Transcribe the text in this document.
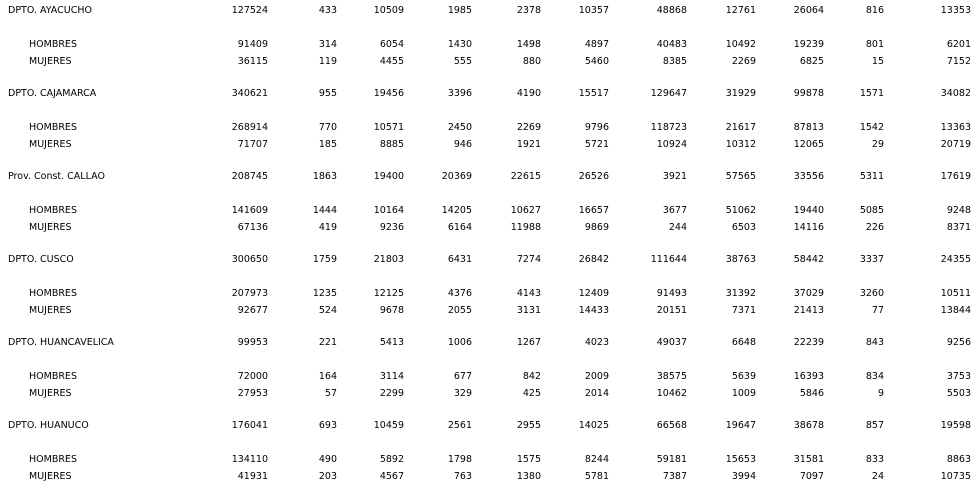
DPTO. AYACUCHO	127524	433	10509	1985	2378	10357	48868	12761	26064	816	13353
HOMBRES	91409	314	6054	1430	1498	4897	40483	10492	19239	801	6201
MUJERES	36115	119	4455	555	880	5460	8385	2269	6825	15	7152
DPTO. CAJAMARCA	340621	955	19456	3396	4190	15517	129647	31929	99878	1571	34082
HOMBRES	268914	770	10571	2450	2269	9796	118723	21617	87813	1542	13363
MUJERES	71707	185	8885	946	1921	5721	10924	10312	12065	29	20719
Prov. Const. CALLAO	208745	1863	19400	20369	22615	26526	3921	57565	33556	5311	17619
HOMBRES	141609	1444	10164	14205	10627	16657	3677	51062	19440	5085	9248
MUJERES	67136	419	9236	6164	11988	9869	244	6503	14116	226	8371
DPTO. CUSCO	300650	1759	21803	6431	7274	26842	111644	38763	58442	3337	24355
HOMBRES	207973	1235	12125	4376	4143	12409	91493	31392	37029	3260	10511
MUJERES	92677	524	9678	2055	3131	14433	20151	7371	21413	77	13844
DPTO. HUANCAVELICA	99953	221	5413	1006	1267	4023	49037	6648	22239	843	9256
HOMBRES	72000	164	3114	677	842	2009	38575	5639	16393	834	3753
MUJERES	27953	57	2299	329	425	2014	10462	1009	5846	9	5503
DPTO. HUANUCO	176041	693	10459	2561	2955	14025	66568	19647	38678	857	19598
HOMBRES	134110	490	5892	1798	1575	8244	59181	15653	31581	833	8863
MUJERES	41931	203	4567	763	1380	5781	7387	3994	7097	24	10735
